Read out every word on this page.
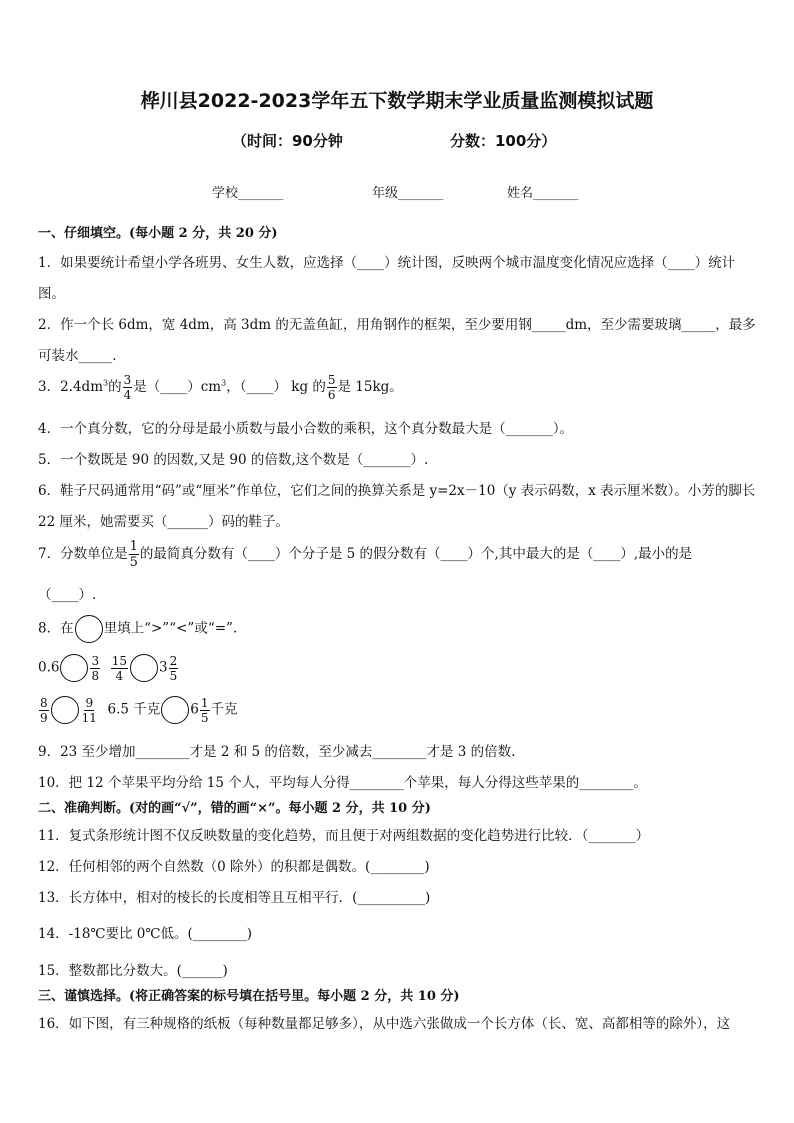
桦川县2022-2023学年五下数学期末学业质量监测模拟试题
（时间：90分钟	分数：100分）
学校_______	年级_______	姓名_______
一、仔细填空。(每小题 2 分，共 20 分)
1．如果要统计希望小学各班男、女生人数，应选择（____）统计图，反映两个城市温度变化情况应选择（____）统计
图。
2．作一个长 6dm，宽 4dm，高 3dm 的无盖鱼缸，用角钢作的框架，至少要用钢_____dm，至少需要玻璃_____，最多
可装水_____.
3．$2.4dm^3$的 $\frac{3}{4}$ 是$(\_\_\_\_)cm^3$，（____） kg 的 $\frac{5}{6}$ 是 15kg。
4．一个真分数，它的分母是最小质数与最小合数的乘积，这个真分数最大是（_______）。
5．一个数既是 90 的因数,又是 90 的倍数,这个数是（_______）.
6．鞋子尺码通常用“码”或“厘米”作单位，它们之间的换算关系是 y=2x－10（y 表示码数，x 表示厘米数）。小芳的脚长
22 厘米，她需要买（______）码的鞋子。
7．分数单位是 $\frac{1}{5}$ 的最简真分数有（____）个分子是 5 的假分数有（____）个,其中最大的是（____）,最小的是
（____）.
8．在 里填上“>”“<”或“=”.
0.6	$\frac{3}{8}$
$\frac{15}{4} 3 \frac{2}{5}$
$\frac{8}{9}$	$\frac{9}{11} 6.5$ 千克 $6 \frac{1}{5}$ 千克
9．23 至少增加________才是 2 和 5 的倍数，至少减去________才是 3 的倍数.
10．把 12 个苹果平均分给 15 个人，平均每人分得________个苹果，每人分得这些苹果的________。
二、准确判断。(对的画“√”，错的画“×”。每小题 2 分，共 10 分)
11．复式条形统计图不仅反映数量的变化趋势，而且便于对两组数据的变化趋势进行比较．（_______）
12．任何相邻的两个自然数（0 除外）的积都是偶数。(________)
13．长方体中，相对的棱长的长度相等且互相平行．(__________)
14．-18℃要比 0℃低。(________)
15．整数都比分数大。(______)
三、谨慎选择。(将正确答案的标号填在括号里。每小题 2 分，共 10 分)
16．如下图，有三种规格的纸板（每种数量都足够多），从中选六张做成一个长方体（长、宽、高都相等的除外），这
